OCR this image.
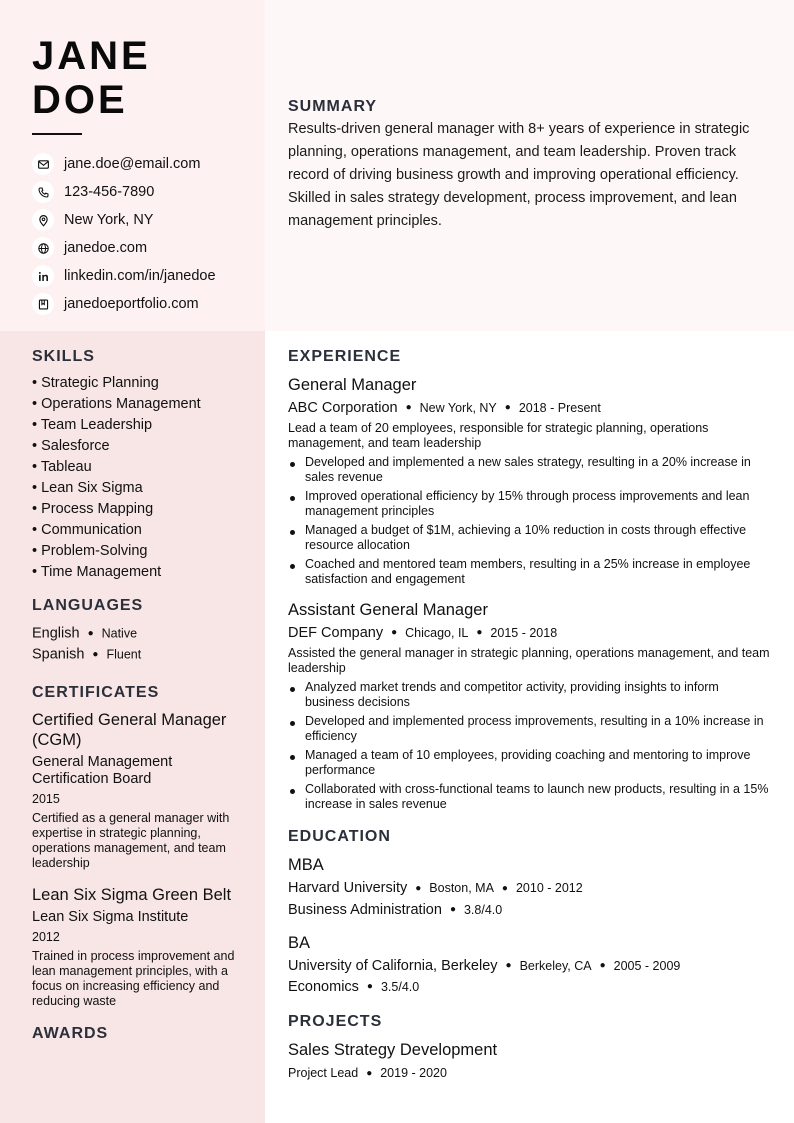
JANE
DOE
jane.doe@email.com
123-456-7890
New York, NY
janedoe.com
linkedin.com/in/janedoe
janedoeportfolio.com
SUMMARY

Results-driven general manager with 8+ years of experience in strategic planning, operations management, and team leadership. Proven track record of driving business growth and improving operational efficiency. Skilled in sales strategy development, process improvement, and lean management principles.

SKILLS
• Strategic Planning
• Operations Management
• Team Leadership
• Salesforce
• Tableau
• Lean Six Sigma
• Process Mapping
• Communication
• Problem-Solving
• Time Management
LANGUAGES
English ● Native
Spanish ● Fluent
CERTIFICATES
Certified General Manager (CGM)
General Management Certification Board
2015
Certified as a general manager with expertise in strategic planning, operations management, and team leadership
Lean Six Sigma Green Belt
Lean Six Sigma Institute
2012
Trained in process improvement and lean management principles, with a focus on increasing efficiency and reducing waste
AWARDS
EXPERIENCE
General Manager
ABC Corporation ● New York, NY ● 2018 - Present
Lead a team of 20 employees, responsible for strategic planning, operations management, and team leadership
Developed and implemented a new sales strategy, resulting in a 20% increase in sales revenue
Improved operational efficiency by 15% through process improvements and lean management principles
Managed a budget of $1M, achieving a 10% reduction in costs through effective resource allocation
Coached and mentored team members, resulting in a 25% increase in employee satisfaction and engagement
Assistant General Manager
DEF Company ● Chicago, IL ● 2015 - 2018
Assisted the general manager in strategic planning, operations management, and team leadership
Analyzed market trends and competitor activity, providing insights to inform business decisions
Developed and implemented process improvements, resulting in a 10% increase in efficiency
Managed a team of 10 employees, providing coaching and mentoring to improve performance
Collaborated with cross-functional teams to launch new products, resulting in a 15% increase in sales revenue
EDUCATION
MBA
Harvard University ● Boston, MA ● 2010 - 2012
Business Administration ● 3.8/4.0
BA
University of California, Berkeley ● Berkeley, CA ● 2005 - 2009
Economics ● 3.5/4.0
PROJECTS
Sales Strategy Development
Project Lead ● 2019 - 2020
